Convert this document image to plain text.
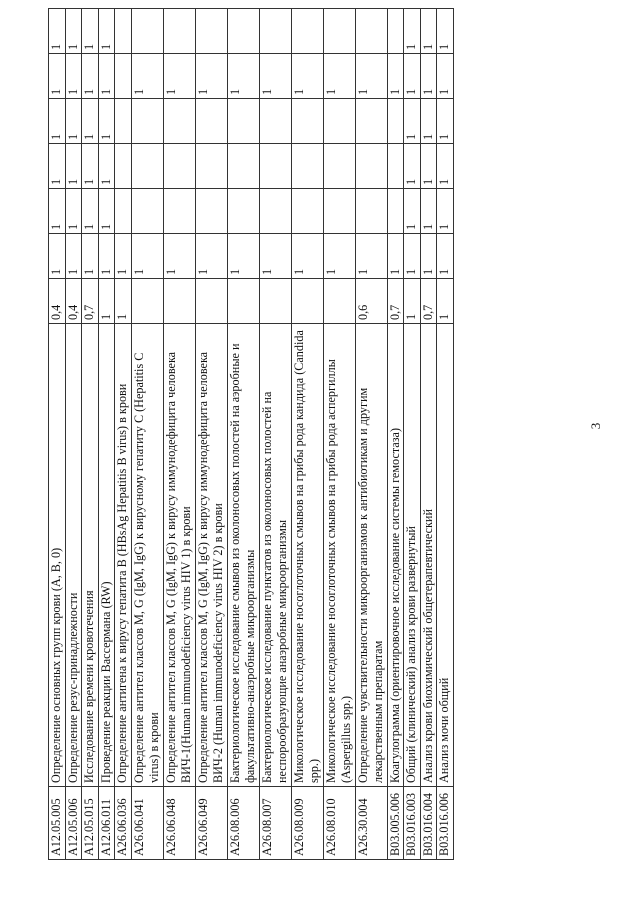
A12.05.005	Определение основных групп крови (А, В, 0)	0,4	1	1	1	1	1	1
A12.05.006	Определение резус-принадлежности	0,4	1	1	1	1	1	1
A12.05.015	Исследование времени кровотечения	0,7	1	1	1	1	1	1
A12.06.011	Проведение реакции Вассермана (RW)	1	1	1	1	1	1	1
A26.06.036	Определение антигена к вирусу гепатита В (HBsAg Hepatitis B virus) в крови	1	1					
A26.06.041	Определение антител классов M, G (IgM, IgG) к вирусному гепатиту С (Hepatitis C virus) в крови		1				1	
A26.06.048	Определение антител классов M, G (IgM, IgG) к вирусу иммунодефицита человека ВИЧ-1(Human immunodeficiency virus HIV 1) в крови		1				1	
A26.06.049	Определение антител классов M, G (IgM, IgG) к вирусу иммунодефицита человека ВИЧ-2 (Human immunodeficiency virus HIV 2) в крови		1				1	
A26.08.006	Бактериологическое исследование смывов из околоносовых полостей на аэробные и факультативно-анаэробные микроорганизмы		1				1	
A26.08.007	Бактериологическое исследование пунктатов из околоносовых полостей на неспорообразующие анаэробные микроорганизмы		1				1	
A26.08.009	Микологическое исследование носоглоточных смывов на грибы рода кандида (Candida spp.)		1				1	
A26.08.010	Микологическое исследование носоглоточных смывов на грибы рода аспергиллы (Aspergillus spp.)		1				1	
A26.30.004	Определение чувствительности микроорганизмов к антибиотикам и другим лекарственным препаратам	0,6	1				1	
B03.005.006	Коагулограмма (ориентировочное исследование системы гемостаза)	0,7	1				1	
B03.016.003	Общий (клинический) анализ крови развернутый	1	1	1	1	1	1	1
B03.016.004	Анализ крови биохимический общетерапевтический	0,7	1	1	1	1	1	1
B03.016.006	Анализ мочи общий	1	1	1	1	1	1	1
3
